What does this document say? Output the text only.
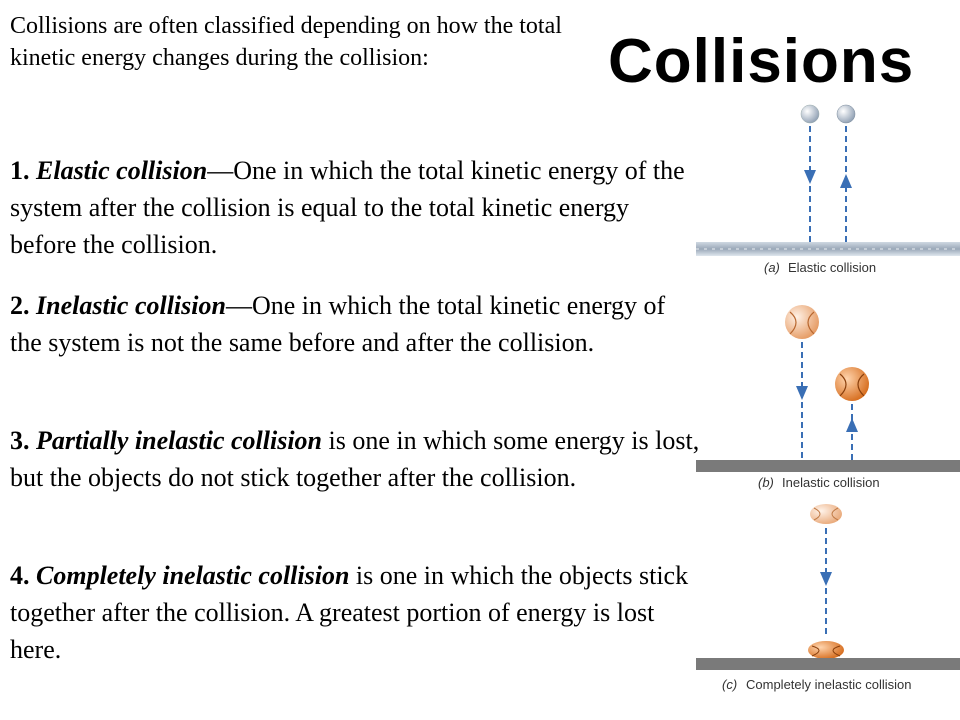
Collisions are often classified depending on how the total kinetic energy changes during the collision:	Collisions
1. Elastic collision—One in which the total kinetic energy of the system after the collision is equal to the total kinetic energy before the collision.
2. Inelastic collision—One in which the total kinetic energy of the system is not the same before and after the collision.
3. Partially inelastic collision is one in which some energy is lost, but the objects do not stick together after the collision.
4. Completely inelastic collision is one in which the objects stick together after the collision. A greatest portion of energy is lost here.
(a) Elastic collision
(b) Inelastic collision
(c) Completely inelastic collision
